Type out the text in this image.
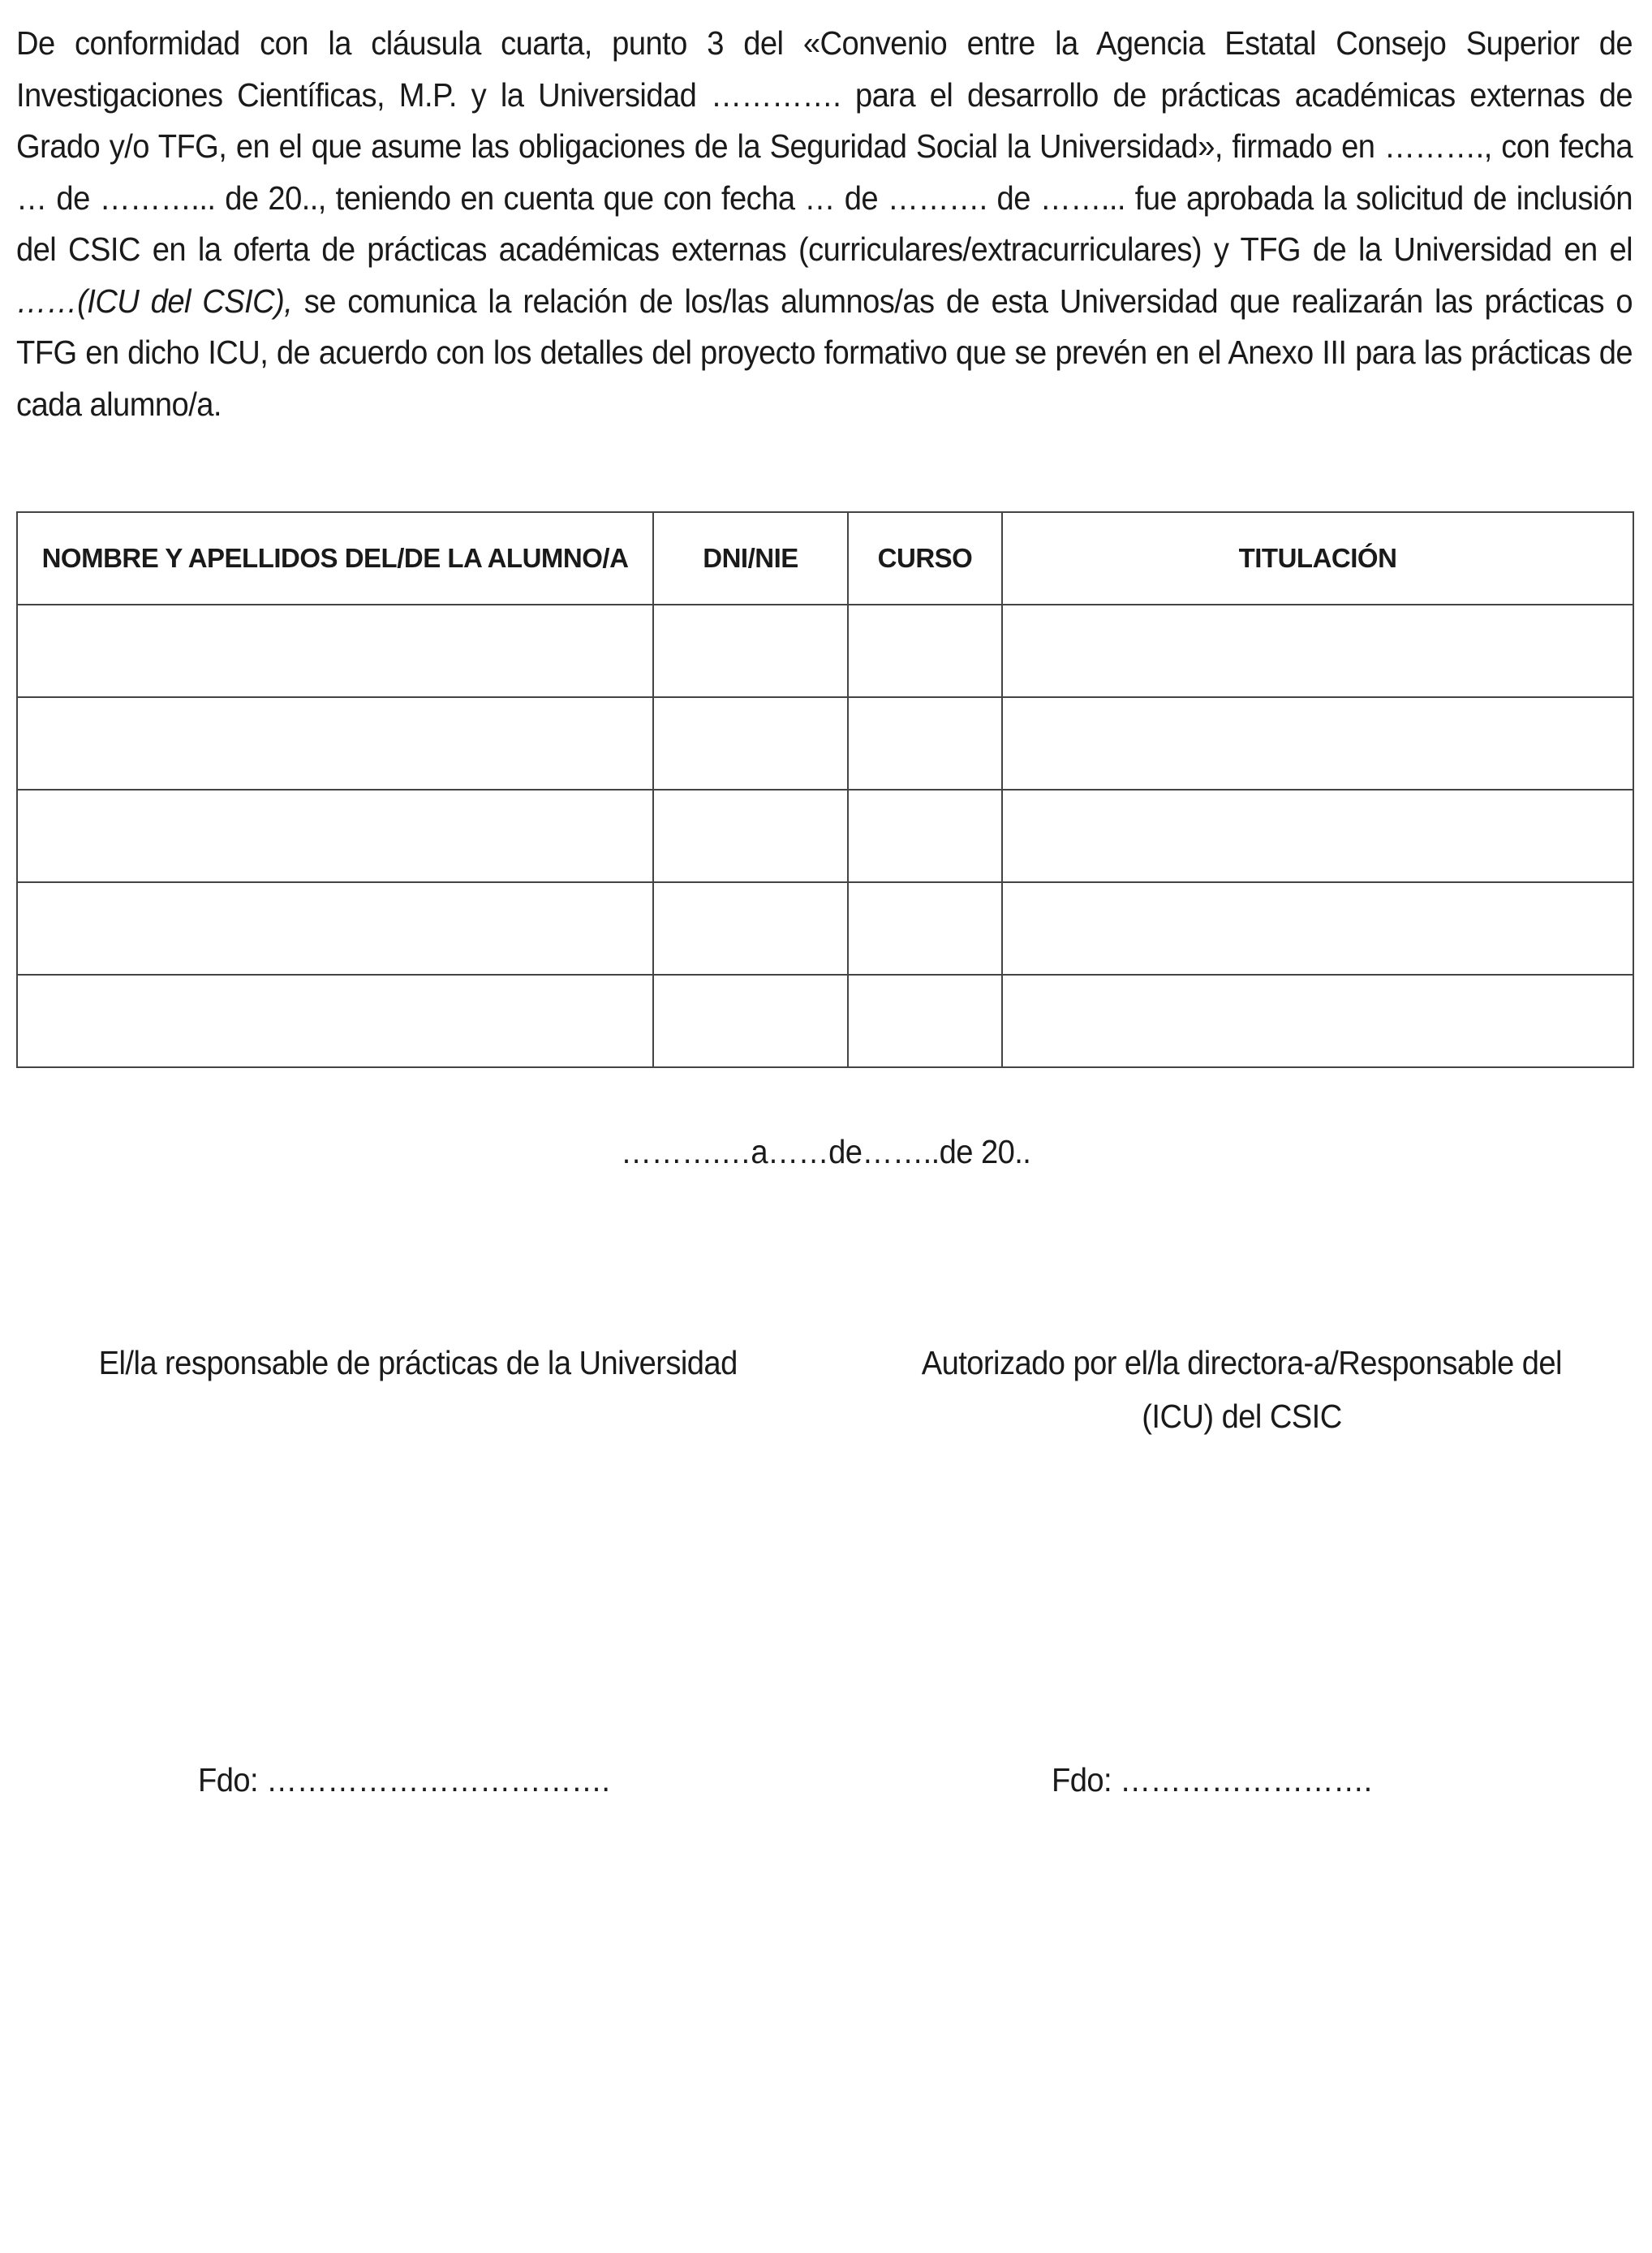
De conformidad con la cláusula cuarta, punto 3 del «Convenio entre la Agencia Estatal Consejo Superior de Investigaciones Científicas, M.P. y la Universidad …………. para el desarrollo de prácticas académicas externas de Grado y/o TFG, en el que asume las obligaciones de la Seguridad Social la Universidad», firmado en ………., con fecha … de ………... de 20.., teniendo en cuenta que con fecha … de ………. de ……... fue aprobada la solicitud de inclusión del CSIC en la oferta de prácticas académicas externas (curriculares/extracurriculares) y TFG de la Universidad en el ……(ICU del CSIC), se comunica la relación de los/las alumnos/as de esta Universidad que realizarán las prácticas o TFG en dicho ICU, de acuerdo con los detalles del proyecto formativo que se prevén en el Anexo III para las prácticas de cada alumno/a.

NOMBRE Y APELLIDOS DEL/DE LA ALUMNO/A	DNI/NIE	CURSO	TITULACIÓN

……….…a……de……..de 20..
El/la responsable de prácticas de la Universidad	Autorizado por el/la directora-a/Responsable del
(ICU) del CSIC
Fdo: …………………………….	Fdo: …………………….
